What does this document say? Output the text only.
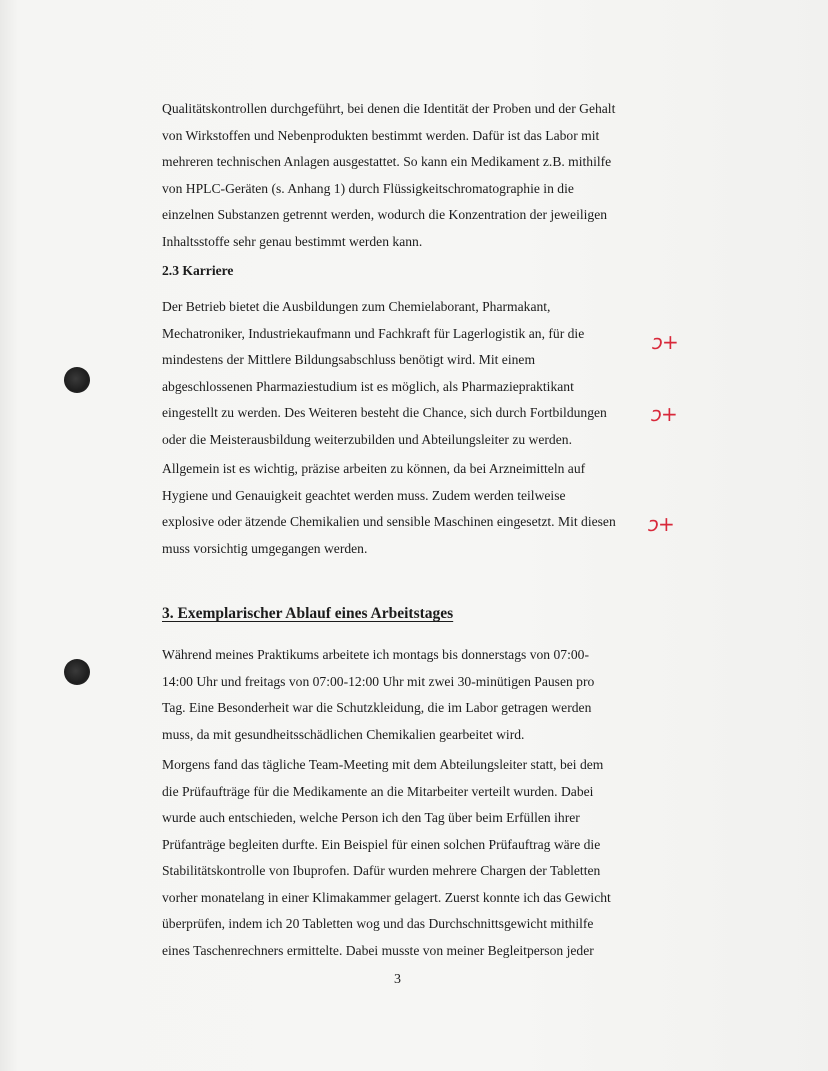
Qualitätskontrollen durchgeführt, bei denen die Identität der Proben und der Gehalt

von Wirkstoffen und Nebenprodukten bestimmt werden. Dafür ist das Labor mit

mehreren technischen Anlagen ausgestattet. So kann ein Medikament z.B. mithilfe

von HPLC-Geräten (s. Anhang 1) durch Flüssigkeitschromatographie in die

einzelnen Substanzen getrennt werden, wodurch die Konzentration der jeweiligen

Inhaltsstoffe sehr genau bestimmt werden kann.

2.3 Karriere

Der Betrieb bietet die Ausbildungen zum Chemielaborant, Pharmakant,

Mechatroniker, Industriekaufmann und Fachkraft für Lagerlogistik an, für die

mindestens der Mittlere Bildungsabschluss benötigt wird. Mit einem

abgeschlossenen Pharmaziestudium ist es möglich, als Pharmaziepraktikant

eingestellt zu werden. Des Weiteren besteht die Chance, sich durch Fortbildungen

oder die Meisterausbildung weiterzubilden und Abteilungsleiter zu werden.

Allgemein ist es wichtig, präzise arbeiten zu können, da bei Arzneimitteln auf

Hygiene und Genauigkeit geachtet werden muss. Zudem werden teilweise

explosive oder ätzende Chemikalien und sensible Maschinen eingesetzt. Mit diesen

muss vorsichtig umgegangen werden.

3. Exemplarischer Ablauf eines Arbeitstages

Während meines Praktikums arbeitete ich montags bis donnerstags von 07:00-

14:00 Uhr und freitags von 07:00-12:00 Uhr mit zwei 30-minütigen Pausen pro

Tag. Eine Besonderheit war die Schutzkleidung, die im Labor getragen werden

muss, da mit gesundheitsschädlichen Chemikalien gearbeitet wird.

Morgens fand das tägliche Team-Meeting mit dem Abteilungsleiter statt, bei dem

die Prüfaufträge für die Medikamente an die Mitarbeiter verteilt wurden. Dabei

wurde auch entschieden, welche Person ich den Tag über beim Erfüllen ihrer

Prüfanträge begleiten durfte. Ein Beispiel für einen solchen Prüfauftrag wäre die

Stabilitätskontrolle von Ibuprofen. Dafür wurden mehrere Chargen der Tabletten

vorher monatelang in einer Klimakammer gelagert. Zuerst konnte ich das Gewicht

überprüfen, indem ich 20 Tabletten wog und das Durchschnittsgewicht mithilfe

eines Taschenrechners ermittelte. Dabei musste von meiner Begleitperson jeder

ↄ+
ↄ+
ↄ+
3
